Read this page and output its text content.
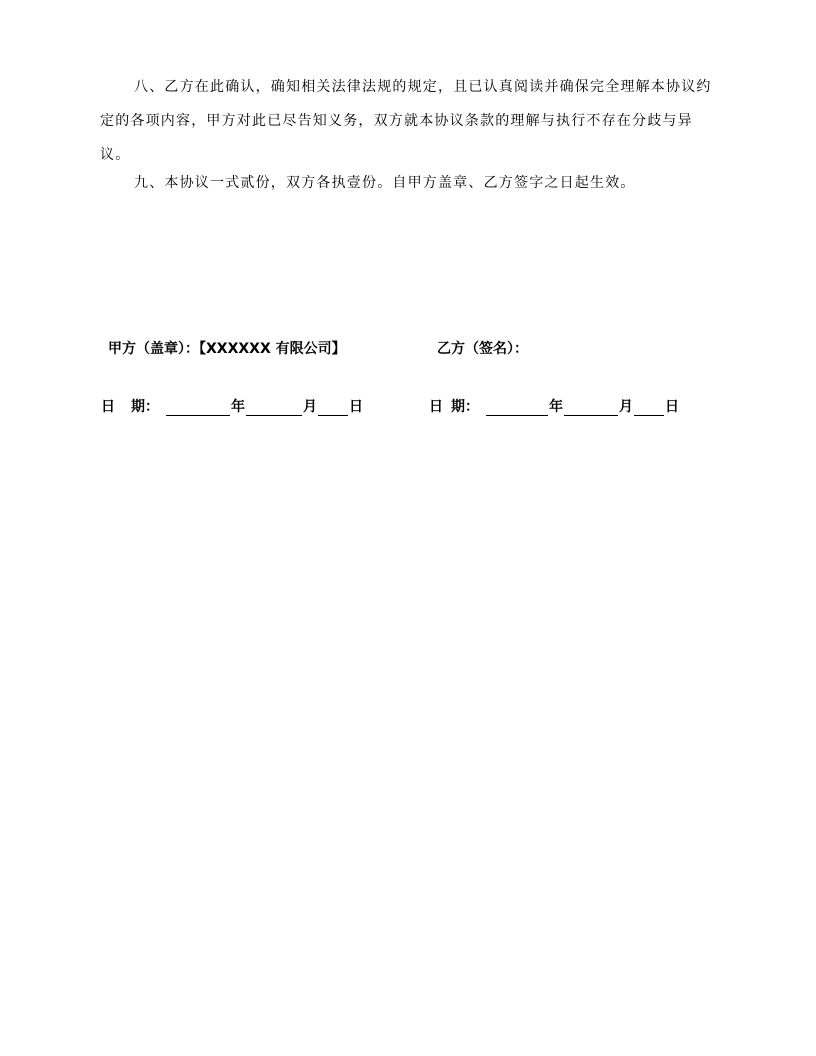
八、乙方在此确认，确知相关法律法规的规定，且已认真阅读并确保完全理解本协议约定的各项内容，甲方对此已尽告知义务，双方就本协议条款的理解与执行不存在分歧与异议。

九、本协议一式贰份，双方各执壹份。自甲方盖章、乙方签字之日起生效。

甲方（盖章）：【XXXXXX 有限公司】	乙方（签名）：
日 期：	年	月 日	日 期：	年	月 日
